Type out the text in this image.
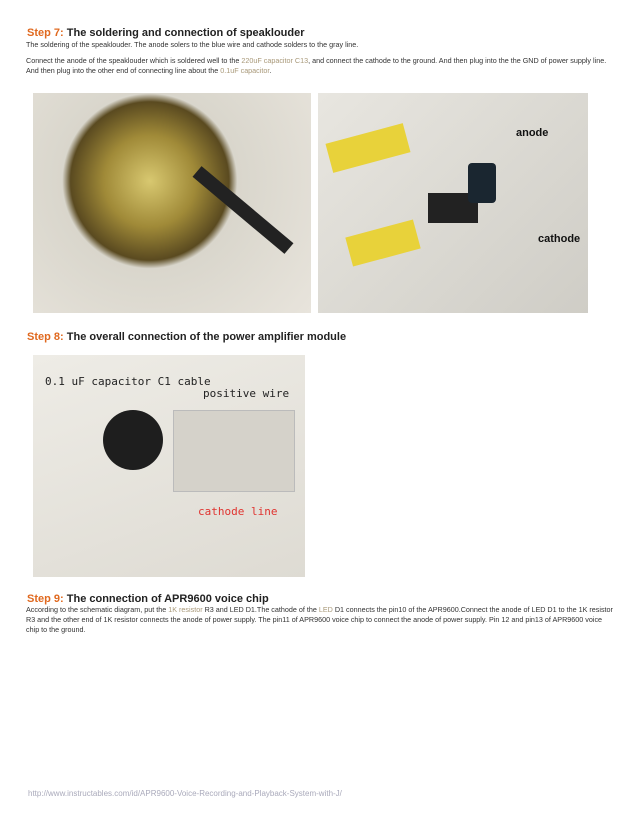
Step 7: The soldering and connection of speaklouder

The soldering of the speaklouder. The anode solers to the blue wire and cathode solders to the gray line.

Connect the anode of the speaklouder which is soldered well to the 220uF capacitor C13, and connect the cathode to the ground. And then plug into the the GND of power supply line. And then plug into the other end of connecting line about the 0.1uF capacitor.

anode
cathode
Step 8: The overall connection of the power amplifier module
0.1 uF capacitor C1 cable
positive wire
cathode line
Step 9: The connection of APR9600 voice chip

According to the schematic diagram, put the 1K resistor R3 and LED D1.The cathode of the LED D1 connects the pin10 of the APR9600.Connect the anode of LED D1 to the 1K resistor R3 and the other end of 1K resistor connects the anode of power supply. The pin11 of APR9600 voice chip to connect the anode of power supply. Pin 12 and pin13 of APR9600 voice chip to the ground.

http://www.instructables.com/id/APR9600-Voice-Recording-and-Playback-System-with-J/
